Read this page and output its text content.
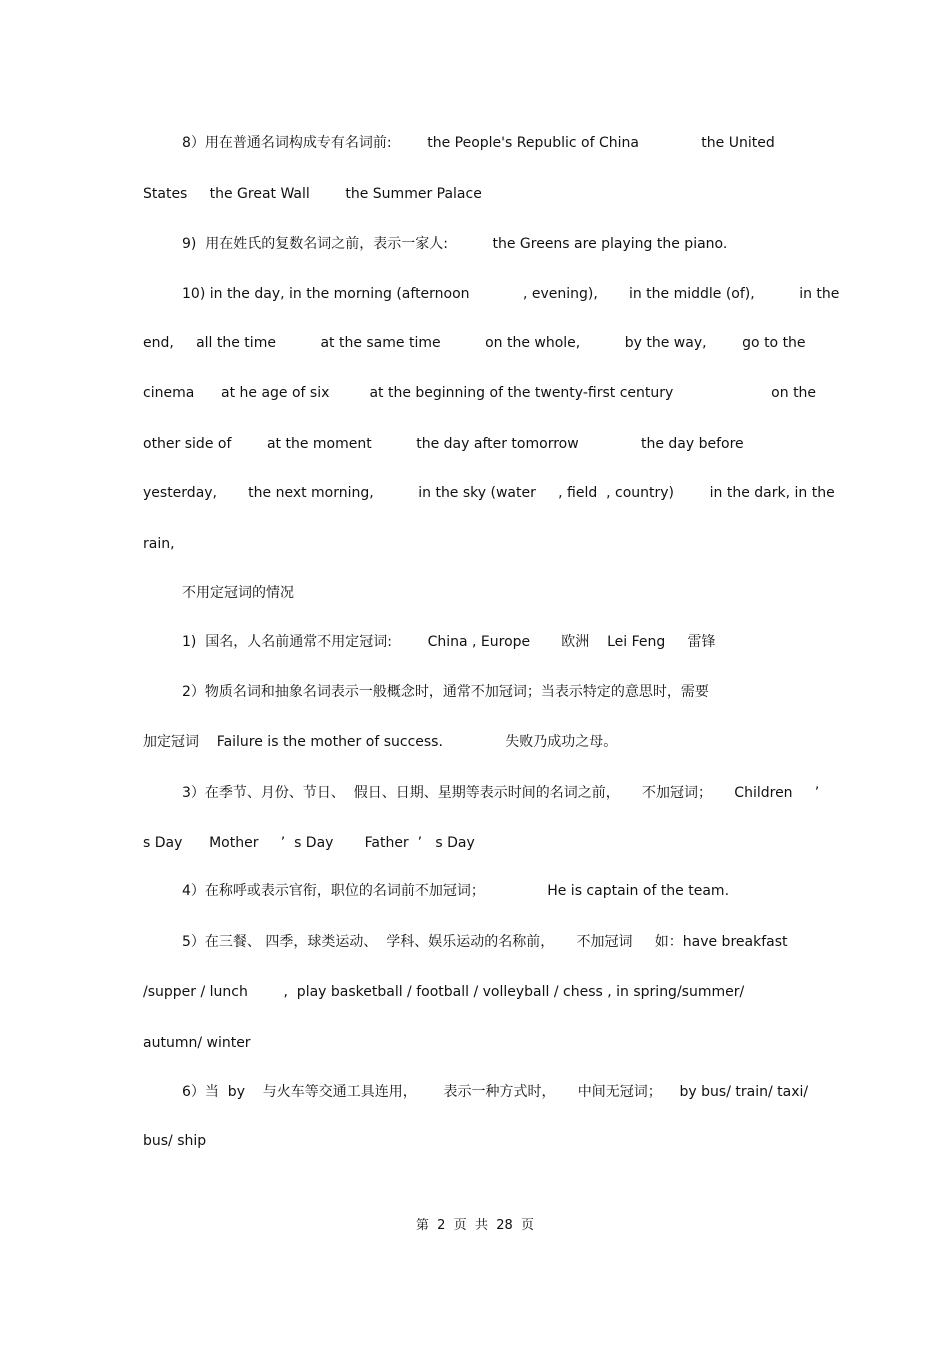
8）用在普通名词构成专有名词前:        the People's Republic of China              the United
States     the Great Wall        the Summer Palace
9)  用在姓氏的复数名词之前，表示一家人:          the Greens are playing the piano.
10) in the day, in the morning (afternoon            , evening),       in the middle (of),          in the
end,     all the time          at the same time          on the whole,          by the way,        go to the
cinema      at he age of six         at the beginning of the twenty-first century                      on the
other side of        at the moment          the day after tomorrow              the day before
yesterday,       the next morning,          in the sky (water     , field  , country)        in the dark, in the
rain,
不用定冠词的情况
1)  国名，人名前通常不用定冠词:        China , Europe       欧洲    Lei Feng     雷锋
2）物质名词和抽象名词表示一般概念时，通常不加冠词；当表示特定的意思时，需要
加定冠词    Failure is the mother of success.              失败乃成功之母。
3）在季节、月份、节日、  假日、日期、星期等表示时间的名词之前，     不加冠词；     Children     ’
s Day      Mother     ’  s Day       Father  ’   s Day
4）在称呼或表示官衔，职位的名词前不加冠词；              He is captain of the team.
5）在三餐、 四季，球类运动、  学科、娱乐运动的名称前，     不加冠词     如：have breakfast
/supper / lunch        ,  play basketball / football / volleyball / chess , in spring/summer/
autumn/ winter
6）当  by    与火车等交通工具连用，      表示一种方式时，     中间无冠词；    by bus/ train/ taxi/
bus/ ship
第  2  页  共  28  页
